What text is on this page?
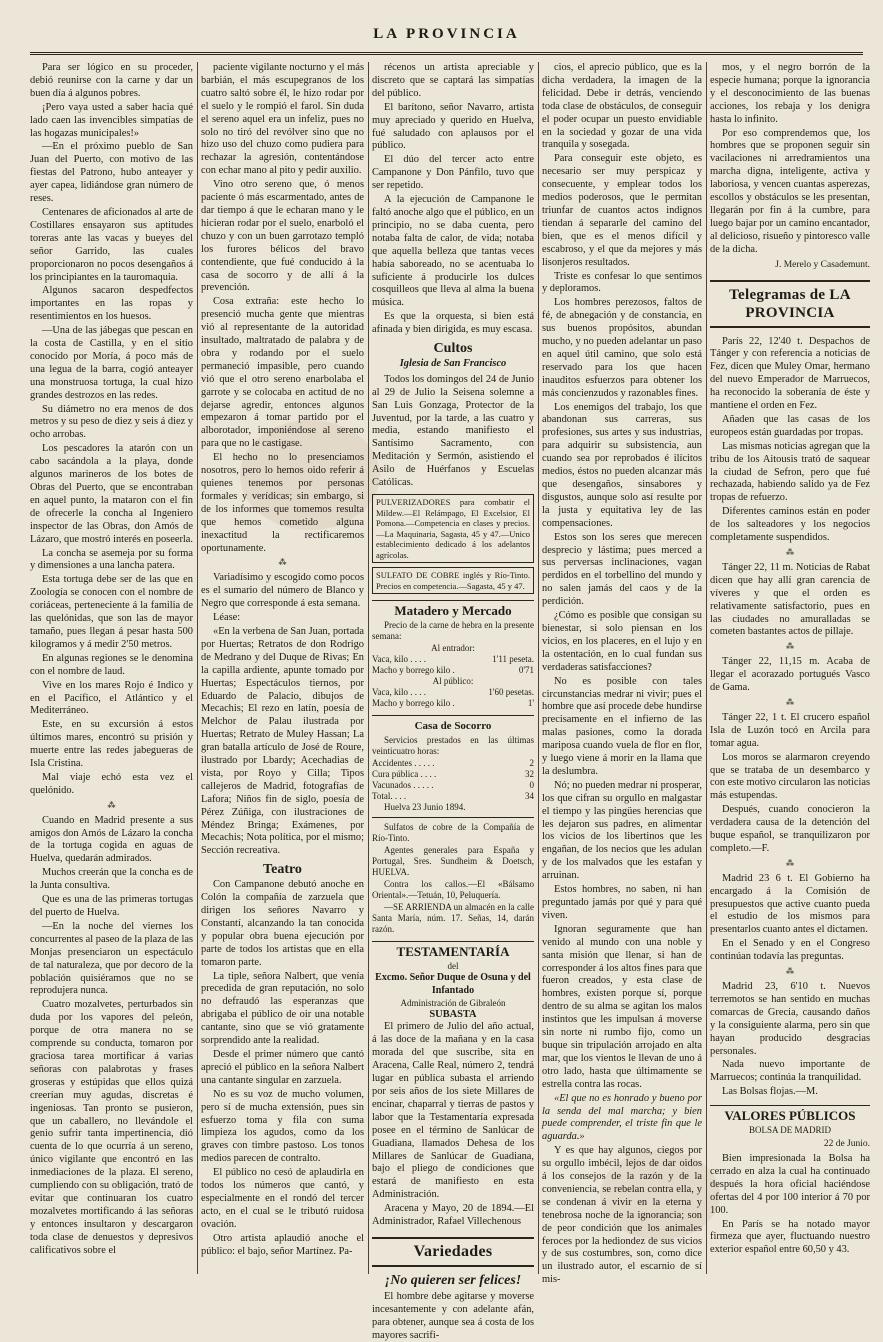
LA PROVINCIA

Para ser lógico en su proceder, debió reunirse con la carne y dar un buen día á algunos pobres.

¡Pero vaya usted a saber hacia qué lado caen las invencibles simpatías de las hogazas municipales!»

—En el próximo pueblo de San Juan del Puerto, con motivo de las fiestas del Patrono, hubo anteayer y ayer capea, lidiándose gran número de reses.

Centenares de aficionados al arte de Costillares ensayaron sus aptitudes toreras ante las vacas y bueyes del señor Garrido, las cuales proporcionaron no pocos desengaños á los principiantes en la tauromaquia.

Algunos sacaron despedfectos importantes en las ropas y resentimientos en los huesos.

—Una de las jábegas que pescan en la costa de Castilla, y en el sitio conocido por Moría, á poco más de una legua de la barra, cogió anteayer una monstruosa tortuga, la cual hizo grandes destrozos en las redes.

Su diámetro no era menos de dos metros y su peso de diez y seis á diez y ocho arrobas.

Los pescadores la atarón con un cabo sacándola a la playa, donde algunos marineros de los botes de Obras del Puerto, que se encontraban en aquel punto, la mataron con el fin de ofrecerle la concha al Ingeniero inspector de las Obras, don Amós de Lázaro, que mostró interés en poseerla.

La concha se asemeja por su forma y dimensiones a una lancha patera.

Esta tortuga debe ser de las que en Zoología se conocen con el nombre de coriáceas, perteneciente á la familia de las quelónidas, que son las de mayor tamaño, pues llegan á pesar hasta 500 kilogramos y á medir 2'50 metros.

En algunas regiones se le denomina con el nombre de laud.

Vive en los mares Rojo é Indico y en el Pacífico, el Atlántico y el Mediterráneo.

Este, en su excursión á estos últimos mares, encontró su prisión y muerte entre las redes jabegueras de Isla Cristina.

Mal viaje echó esta vez el quelónido.

⁂

Cuando en Madrid presente a sus amigos don Amós de Lázaro la concha de la tortuga cogida en aguas de Huelva, quedarán admirados.

Muchos creerán que la concha es de la Junta consultiva.

Que es una de las primeras tortugas del puerto de Huelva.

—En la noche del viernes los concurrentes al paseo de la plaza de las Monjas presenciaron un espectáculo de tal naturaleza, que por decoro de la población quisiéramos que no se reprodujera nunca.

Cuatro mozalvetes, perturbados sin duda por los vapores del peleón, porque de otra manera no se comprende su conducta, tomaron por graciosa tarea mortificar á varias señoras con palabrotas y frases groseras y estúpidas que ellos quizá creerían muy agudas, discretas é ingeniosas. Tan pronto se pusieron, que un caballero, no llevándole el genio sufrir tanta impertinencia, dió cuenta de lo que ocurría á un sereno, único vigilante que encontró en las inmediaciones de la plaza. El sereno, cumpliendo con su obligación, trató de evitar que continuaran los cuatro mozalvetes mortificando á las señoras y entonces insultaron y descargaron toda clase de denuestos y depresivos calificativos sobre el

paciente vigilante nocturno y el más barbián, el más escupegranos de los cuatro saltó sobre él, le hizo rodar por el suelo y le rompió el farol. Sin duda el sereno aquel era un infeliz, pues no solo no tiró del revólver sino que no hizo uso del chuzo como pudiera para rechazar la agresión, contentándose con echar mano al pito y pedir auxilio.

Vino otro sereno que, ó menos paciente ó más escarmentado, antes de dar tiempo á que le echaran mano y le hicieran rodar por el suelo, enarboló el chuzo y con un buen garrotazo templó los furores bélicos del bravo contendiente, que fué conducido á la casa de socorro y de allí á la prevención.

Cosa extraña: este hecho lo presenció mucha gente que mientras vió al representante de la autoridad insultado, maltratado de palabra y de obra y rodando por el suelo permaneció impasible, pero cuando vió que el otro sereno enarbolaba el garrote y se colocaba en actitud de no dejarse agredir, entonces algunos empezaron á tomar partido por el alborotador, imponiéndose al sereno para que no le castigase.

El hecho no lo presenciamos nosotros, pero lo hemos oido referir á quienes tenemos por personas formales y verídicas; sin embargo, si de los informes que tomemos resulta que hemos cometido alguna inexactitud la rectificaremos oportunamente.

⁂

Variadísimo y escogido como pocos es el sumario del número de Blanco y Negro que corresponde á esta semana.

Léase:

«En la verbena de San Juan, portada por Huertas; Retratos de don Rodrigo de Medrano y del Duque de Rivas; En la capilla ardiente, apunte tomado por Huertas; Espectáculos tiernos, por Eduardo de Palacio, dibujos de Mecachis; El rezo en latín, poesía de Melchor de Palau ilustrada por Huertas; Retrato de Muley Hassan; La gran batalla artículo de José de Roure, ilustrado por Lbardy; Acechadias de vista, por Royo y Cilla; Tipos callejeros de Madrid, fotografías de Lafora; Niños fin de siglo, poesía de Pérez Zúñiga, con ilustraciones de Méndez Bringa; Exámenes, por Mecachis; Nota política, por el mismo; Sección recreativa.

Teatro

Con Campanone debutó anoche en Colón la compañía de zarzuela que dirigen los señores Navarro y Constantí, alcanzando la tan conocida y popular obra buena ejecución por parte de todos los artistas que en ella tomaron parte.

La tiple, señora Nalbert, que venía precedida de gran reputación, no solo no defraudó las esperanzas que abrigaba el público de oir una notable cantante, sino que se vió gratamente sorprendido ante la realidad.

Desde el primer número que cantó apreció el público en la señora Nalbert una cantante singular en zarzuela.

No es su voz de mucho volumen, pero sí de mucha extensión, pues sin esfuerzo toma y fila con suma limpieza los agudos, como da los graves con timbre pastoso. Los tonos medios parecen de contralto.

El público no cesó de aplaudirla en todos los números que cantó, y especialmente en el rondó del tercer acto, en el cual se le tributó ruidosa ovación.

Otro artista aplaudió anoche el público: el bajo, señor Martínez. Pa-

récenos un artista apreciable y discreto que se captará las simpatías del público.

El barítono, señor Navarro, artista muy apreciado y querido en Huelva, fué saludado con aplausos por el público.

El dúo del tercer acto entre Campanone y Don Pánfilo, tuvo que ser repetido.

A la ejecución de Campanone le faltó anoche algo que el público, en un principio, no se daba cuenta, pero notaba falta de calor, de vida; notaba que aquella belleza que tantas veces había saboreado, no se acentuaba lo suficiente á producirle los dulces cosquilleos que lleva al alma la buena música.

Es que la orquesta, si bien está afinada y bien dirigida, es muy escasa.

Cultos
Iglesia de San Francisco

Todos los domingos del 24 de Junio al 29 de Julio la Seisena solemne a San Luis Gonzaga, Protector de la Juventud, por la tarde, a las cuatro y media, estando manifiesto el Santísimo Sacramento, con Meditación y Sermón, asistiendo el Asilo de Huérfanos y Escuelas Católicas.

PULVERIZADORES para combatir el Mildew.—El Relámpago, El Excelsior, El Pomona.—Competencia en clases y precios.—La Maquinaria, Sagasta, 45 y 47.—Unico establecimiento dedicado á los adelantos agrícolas.
SULFATO DE COBRE inglés y Río-Tinto. Precios en competencia.—Sagasta, 45 y 47.
Matadero y Mercado

Precio de la carne de hebra en la presente semana:

Al entrador:
Vaca, kilo . . . .	1'11 peseta.
Macho y borrego kilo .	0'71
Al público:
Vaca, kilo . . . .	1'60 pesetas.
Macho y borrego kilo .	1'
Casa de Socorro

Servicios prestados en las últimas veinticuatro horas:

Accidentes . . . . .	2
Cura pública . . . .	32
Vacunados . . . . .	0
Total. . . .	34

Huelva 23 Junio 1894.

Sulfatos de cobre de la Compañía de Río-Tinto.

Agentes generales para España y Portugal, Sres. Sundheim & Doetsch, HUELVA.

Contra los callos.—El «Bálsamo Oriental».—Tetuán, 10, Peluquería.

—SE ARRIENDA un almacén en la calle Santa María, núm. 17. Señas, 14, darán razón.

TESTAMENTARÍA
del
Excmo. Señor Duque de Osuna y del Infantado
Administración de Gibraleón
SUBASTA

El primero de Julio del año actual, á las doce de la mañana y en la casa morada del que suscribe, sita en Aracena, Calle Real, número 2, tendrá lugar en pública subasta el arriendo por seis años de los siete Millares de encinar, chaparral y tierras de pastos y labor que la Testamentaría expresada posee en el término de Sanlúcar de Guadiana, llamados Dehesa de los Millares de Sanlúcar de Guadiana, bajo el pliego de condiciones que estará de manifiesto en esta Administración.

Aracena y Mayo, 20 de 1894.—El Administrador, Rafael Villechenous

Variedades
¡No quieren ser felices!

El hombre debe agitarse y moverse incesantemente y con adelante afán, para obtener, aunque sea á costa de los mayores sacrifi-

cios, el aprecio público, que es la dicha verdadera, la imagen de la felicidad. Debe ir detrás, venciendo toda clase de obstáculos, de conseguir el poder ocupar un puesto envidiable en la sociedad y gozar de una vida tranquila y sosegada.

Para conseguir este objeto, es necesario ser muy perspicaz y consecuente, y emplear todos los medios poderosos, que le permitan triunfar de cuantos actos indignos tiendan á separarle del camino del bien, que es el menos difícil y escabroso, y el que da mejores y más lisonjeros resultados.

Triste es confesar lo que sentimos y deploramos.

Los hombres perezosos, faltos de fé, de abnegación y de constancia, en sus buenos propósitos, abundan mucho, y no pueden adelantar un paso en aquel útil camino, que solo está reservado para los que hacen inauditos esfuerzos para obtener los más concienzudos y razonables fines.

Los enemigos del trabajo, los que abandonan sus carreras, sus profesiones, sus artes y sus industrias, para adquirir su subsistencia, aun cuando sea por reprobados é ilícitos medios, éstos no pueden alcanzar más que desengaños, sinsabores y disgustos, aunque solo así resulte por la justa y equitativa ley de las compensaciones.

Estos son los seres que merecen desprecio y lástima; pues merced a sus perversas inclinaciones, vagan perdidos en el torbellino del mundo y no salen jamás del caos y de la perdición.

¿Cómo es posible que consigan su bienestar, si solo piensan en los vicios, en los placeres, en el lujo y en la ostentación, en lo cual fundan sus verdaderas satisfacciones?

No es posible con tales circunstancias medrar ni vivir; pues el hombre que así procede debe hundirse precisamente en el infierno de las malas pasiones, como la dorada mariposa cuando vuela de flor en flor, y luego viene á morir en la llama que la deslumbra.

Nó; no pueden medrar ni prosperar, los que cifran su orgullo en malgastar el tiempo y las pingües herencias que les dejaron sus padres, en alimentar los vicios de los libertinos que les engañan, de los necios que les adulan y de los malvados que les estafan y arruinan.

Estos hombres, no saben, ni han preguntado jamás por qué y para qué viven.

Ignoran seguramente que han venido al mundo con una noble y santa misión que llenar, si han de corresponder á los altos fines para que fueron creados, y esta clase de hombres, existen porque sí, porque dentro de su alma se agitan los malos instintos que les impulsan á moverse sin norte ni rumbo fijo, como un buque sin tripulación arrojado en alta mar, que los vientos le llevan de uno á otro lado, hasta que últimamente se estrella contra las rocas.

«El que no es honrado y bueno por la senda del mal marcha; y bien puede comprender, el triste fin que le aguarda.»

Y es que hay algunos, ciegos por su orgullo imbécil, lejos de dar oidos á los consejos de la razón y de la conveniencia, se rebelan contra ella, y se condenan á vivir en la eterna y tenebrosa noche de la ignorancia; son de peor condición que los animales feroces por la hediondez de sus vicios y de sus costumbres, son, como dice un ilustrado autor, el escarnio de sí mis-

mos, y el negro borrón de la especie humana; porque la ignorancia y el desconocimiento de las buenas acciones, los rebaja y los denigra hasta lo infinito.

Por eso comprendemos que, los hombres que se proponen seguir sin vacilaciones ni arredramientos una marcha digna, inteligente, activa y laboriosa, y vencen cuantas asperezas, escollos y obstáculos se les presentan, llegarán por fin á la cumbre, para luego bajar por un camino encantador, al delicioso, risueño y pintoresco valle de la dicha.

J. Merelo y Casademunt.
Telegramas de LA PROVINCIA

París 22, 12'40 t. Despachos de Tánger y con referencia a noticias de Fez, dicen que Muley Omar, hermano del nuevo Emperador de Marruecos, ha reconocido la soberanía de éste y mantiene el orden en Fez.

Añaden que las casas de los europeos están guardadas por tropas.

Las mismas noticias agregan que la tribu de los Aitousis trató de saquear la ciudad de Sefron, pero que fué rechazada, habiendo salido ya de Fez tropas de refuerzo.

Diferentes caminos están en poder de los salteadores y los negocios completamente suspendidos.

⁂

Tánger 22, 11 m. Noticias de Rabat dicen que hay allí gran carencia de víveres y que el orden es relativamente satisfactorio, pues en las ciudades no amuralladas se cometen bastantes actos de pillaje.

⁂

Tánger 22, 11,15 m. Acaba de llegar el acorazado portugués Vasco de Gama.

⁂

Tánger 22, 1 t. El crucero español Isla de Luzón tocó en Arcila para tomar agua.

Los moros se alarmaron creyendo que se trataba de un desembarco y con este motivo circularon las noticias más estupendas.

Después, cuando conocieron la verdadera causa de la detención del buque español, se tranquilizaron por completo.—F.

⁂

Madrid 23 6 t. El Gobierno ha encargado á la Comisión de presupuestos que active cuanto pueda el estudio de los mismos para presentarlos cuanto antes el dictamen.

En el Senado y en el Congreso continúan todavía las preguntas.

⁂

Madrid 23, 6'10 t. Nuevos terremotos se han sentido en muchas comarcas de Grecia, causando daños y la consiguiente alarma, pero sin que hayan producido desgracias personales.

Nada nuevo importante de Marruecos; continúa la tranquilidad.

Las Bolsas flojas.—M.

VALORES PÚBLICOS
BOLSA DE MADRID
22 de Junio.

Bien impresionada la Bolsa ha cerrado en alza la cual ha continuado después la hora oficial haciéndose ofertas del 4 por 100 interior á 70 por 100.

En París se ha notado mayor firmeza que ayer, fluctuando nuestro exterior español entre 60,50 y 43.
